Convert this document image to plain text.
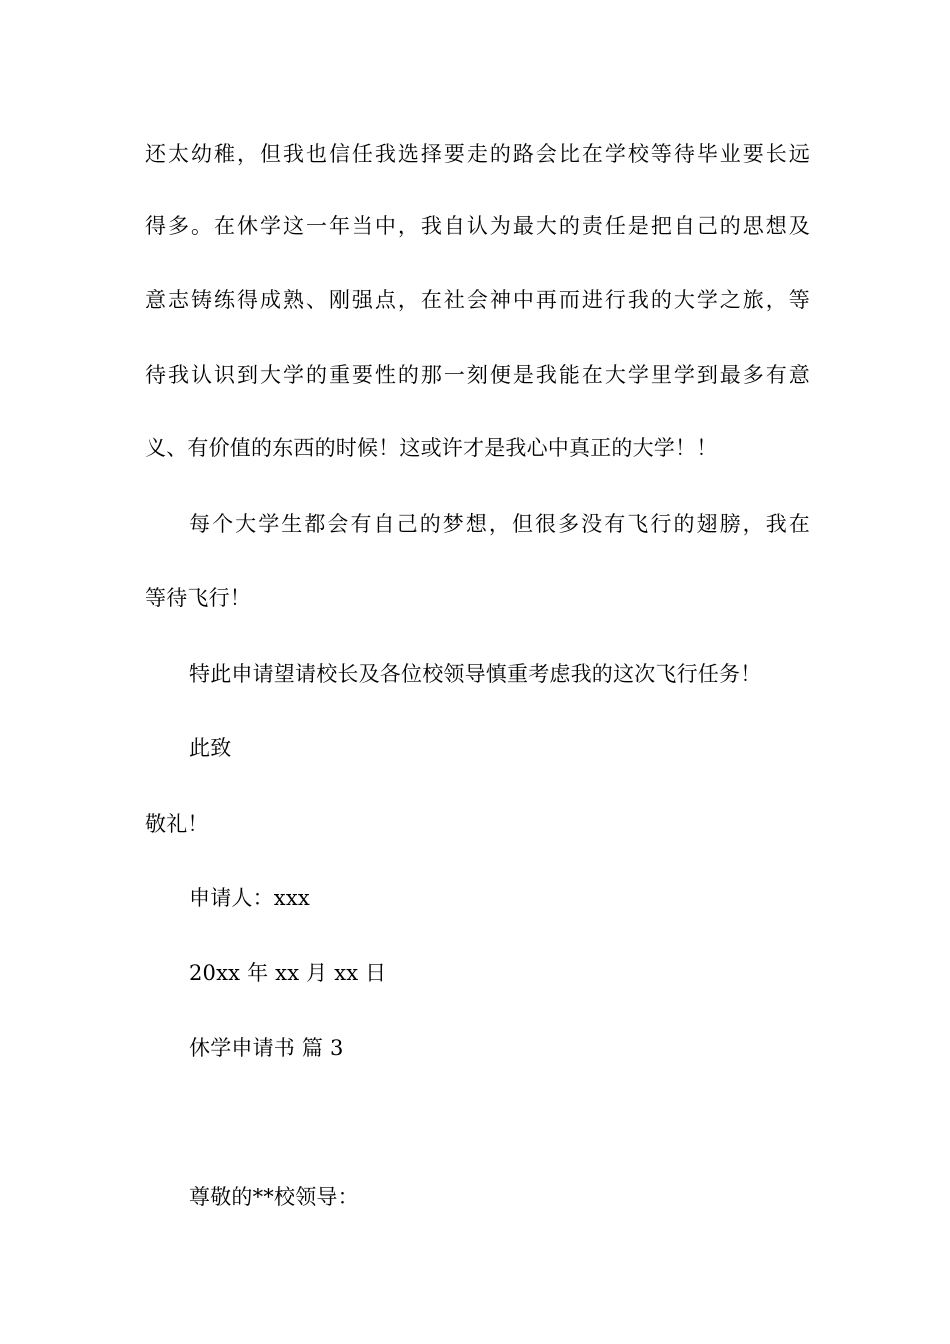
还太幼稚，但我也信任我选择要走的路会比在学校等待毕业要长远
得多。在休学这一年当中，我自认为最大的责任是把自己的思想及
意志铸练得成熟、刚强点，在社会神中再而进行我的大学之旅，等
待我认识到大学的重要性的那一刻便是我能在大学里学到最多有意
义、有价值的东西的时候！这或许才是我心中真正的大学！！
每个大学生都会有自己的梦想，但很多没有飞行的翅膀，我在
等待飞行！
特此申请望请校长及各位校领导慎重考虑我的这次飞行任务！
此致
敬礼！
申请人：xxx
20xx 年 xx 月 xx 日
休学申请书 篇 3
尊敬的**校领导：
